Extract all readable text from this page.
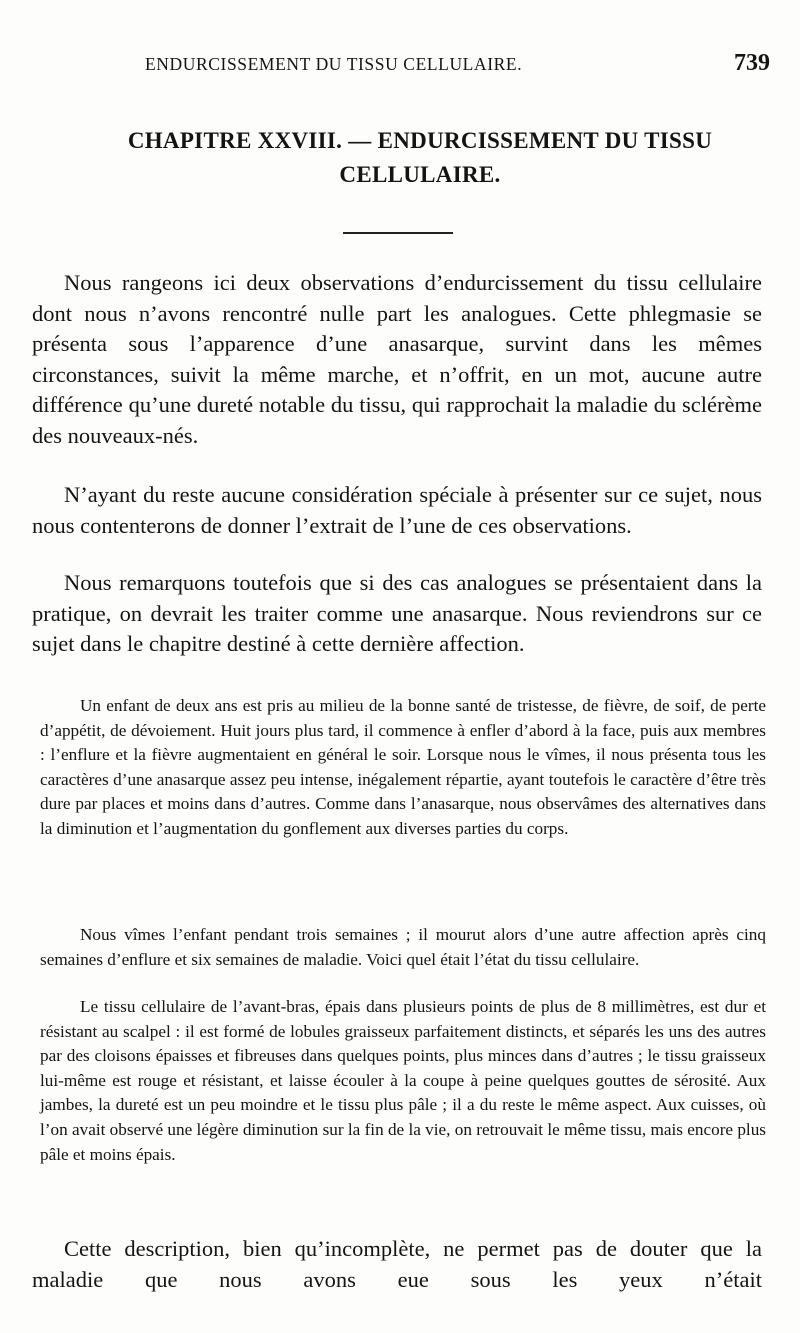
ENDURCISSEMENT DU TISSU CELLULAIRE.	739
CHAPITRE XXVIII. — ENDURCISSEMENT DU TISSU CELLULAIRE.

Nous rangeons ici deux observations d’endurcissement du tissu cellulaire dont nous n’avons rencontré nulle part les analogues. Cette phlegmasie se présenta sous l’apparence d’une anasarque, survint dans les mêmes circonstances, suivit la même marche, et n’offrit, en un mot, aucune autre différence qu’une dureté notable du tissu, qui rapprochait la maladie du sclérème des nouveaux-nés.

N’ayant du reste aucune considération spéciale à présenter sur ce sujet, nous nous contenterons de donner l’extrait de l’une de ces observations.

Nous remarquons toutefois que si des cas analogues se présentaient dans la pratique, on devrait les traiter comme une anasarque. Nous reviendrons sur ce sujet dans le chapitre destiné à cette dernière affection.

Un enfant de deux ans est pris au milieu de la bonne santé de tristesse, de fièvre, de soif, de perte d’appétit, de dévoiement. Huit jours plus tard, il commence à enfler d’abord à la face, puis aux membres : l’enflure et la fièvre augmentaient en général le soir. Lorsque nous le vîmes, il nous présenta tous les caractères d’une anasarque assez peu intense, inégalement répartie, ayant toutefois le caractère d’être très dure par places et moins dans d’autres. Comme dans l’anasarque, nous observâmes des alternatives dans la diminution et l’augmentation du gonflement aux diverses parties du corps.

Nous vîmes l’enfant pendant trois semaines ; il mourut alors d’une autre affection après cinq semaines d’enflure et six semaines de maladie. Voici quel était l’état du tissu cellulaire.

Le tissu cellulaire de l’avant-bras, épais dans plusieurs points de plus de 8 millimètres, est dur et résistant au scalpel : il est formé de lobules graisseux parfaitement distincts, et séparés les uns des autres par des cloisons épaisses et fibreuses dans quelques points, plus minces dans d’autres ; le tissu graisseux lui-même est rouge et résistant, et laisse écouler à la coupe à peine quelques gouttes de sérosité. Aux jambes, la dureté est un peu moindre et le tissu plus pâle ; il a du reste le même aspect. Aux cuisses, où l’on avait observé une légère diminution sur la fin de la vie, on retrouvait le même tissu, mais encore plus pâle et moins épais.

Cette description, bien qu’incomplète, ne permet pas de douter que la maladie que nous avons eue sous les yeux n’était
